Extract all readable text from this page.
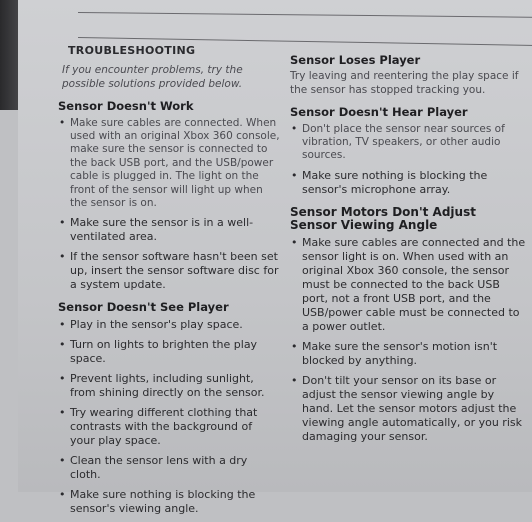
TROUBLESHOOTING
If you encounter problems, try the possible solutions provided below.
Sensor Doesn't Work
• Make sure cables are connected. When used with an original Xbox 360 console, make sure the sensor is connected to the back USB port, and the USB/power cable is plugged in. The light on the front of the sensor will light up when the sensor is on.
• Make sure the sensor is in a well-ventilated area.
• If the sensor software hasn't been set up, insert the sensor software disc for a system update.
Sensor Doesn't See Player
• Play in the sensor's play space.
• Turn on lights to brighten the play space.
• Prevent lights, including sunlight, from shining directly on the sensor.
• Try wearing different clothing that contrasts with the background of your play space.
• Clean the sensor lens with a dry cloth.
• Make sure nothing is blocking the sensor's viewing angle.
Sensor Loses Player
Try leaving and reentering the play space if the sensor has stopped tracking you.
Sensor Doesn't Hear Player
• Don't place the sensor near sources of vibration, TV speakers, or other audio sources.
• Make sure nothing is blocking the sensor's microphone array.
Sensor Motors Don't Adjust Sensor Viewing Angle
• Make sure cables are connected and the sensor light is on. When used with an original Xbox 360 console, the sensor must be connected to the back USB port, not a front USB port, and the USB/power cable must be connected to a power outlet.
• Make sure the sensor's motion isn't blocked by anything.
• Don't tilt your sensor on its base or adjust the sensor viewing angle by hand. Let the sensor motors adjust the viewing angle automatically, or you risk damaging your sensor.
